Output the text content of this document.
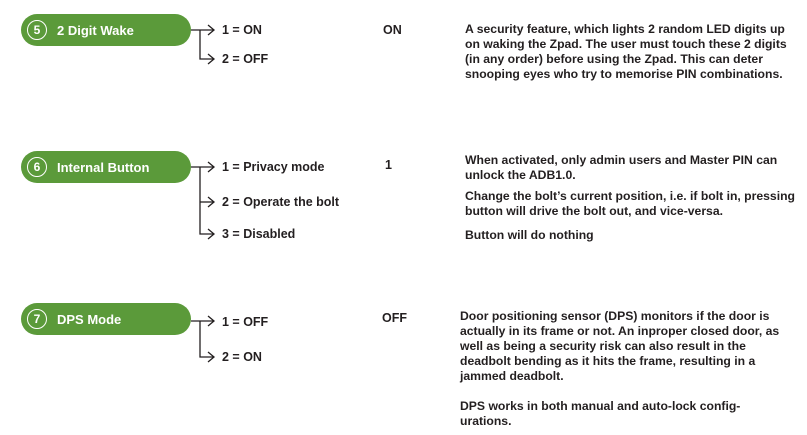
5	2 Digit Wake	1 = ON
2 = OFF
ON	A security feature, which lights 2 random LED digits up on waking the Zpad. The user must touch these 2 digits (in any order) before using the Zpad. This can deter snooping eyes who try to memorise PIN combinations.
6	Internal Button	1 = Privacy mode
2 = Operate the bolt
3 = Disabled
1	When activated, only admin users and Master PIN can unlock the ADB1.0.
Change the bolt’s current position, i.e. if bolt in, pressing button will drive the bolt out, and vice-versa.
Button will do nothing
7	DPS Mode	1 = OFF
2 = ON
OFF	Door positioning sensor (DPS) monitors if the door is actually in its frame or not. An inproper closed door, as well as being a security risk can also result in the deadbolt bending as it hits the frame, resulting in a jammed deadbolt.
DPS works in both manual and auto-lock config-urations.
